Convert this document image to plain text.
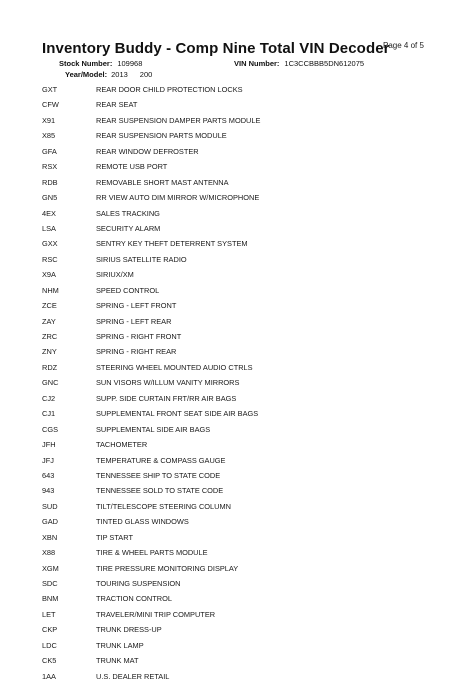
Inventory Buddy - Comp Nine Total VIN Decoder
Page 4 of 5
Stock Number: 109968	VIN Number: 1C3CCBBB5DN612075
Year/Model: 2013 200
GXT	REAR DOOR CHILD PROTECTION LOCKS
CFW	REAR SEAT
X91	REAR SUSPENSION DAMPER PARTS MODULE
X85	REAR SUSPENSION PARTS MODULE
GFA	REAR WINDOW DEFROSTER
RSX	REMOTE USB PORT
RDB	REMOVABLE SHORT MAST ANTENNA
GN5	RR VIEW AUTO DIM MIRROR W/MICROPHONE
4EX	SALES TRACKING
LSA	SECURITY ALARM
GXX	SENTRY KEY THEFT DETERRENT SYSTEM
RSC	SIRIUS SATELLITE RADIO
X9A	SIRIUX/XM
NHM	SPEED CONTROL
ZCE	SPRING - LEFT FRONT
ZAY	SPRING - LEFT REAR
ZRC	SPRING - RIGHT FRONT
ZNY	SPRING - RIGHT REAR
RDZ	STEERING WHEEL MOUNTED AUDIO CTRLS
GNC	SUN VISORS W/ILLUM VANITY MIRRORS
CJ2	SUPP. SIDE CURTAIN FRT/RR AIR BAGS
CJ1	SUPPLEMENTAL FRONT SEAT SIDE AIR BAGS
CGS	SUPPLEMENTAL SIDE AIR BAGS
JFH	TACHOMETER
JFJ	TEMPERATURE & COMPASS GAUGE
643	TENNESSEE SHIP TO STATE CODE
943	TENNESSEE SOLD TO STATE CODE
SUD	TILT/TELESCOPE STEERING COLUMN
GAD	TINTED GLASS WINDOWS
XBN	TIP START
X88	TIRE & WHEEL PARTS MODULE
XGM	TIRE PRESSURE MONITORING DISPLAY
SDC	TOURING SUSPENSION
BNM	TRACTION CONTROL
LET	TRAVELER/MINI TRIP COMPUTER
CKP	TRUNK DRESS-UP
LDC	TRUNK LAMP
CK5	TRUNK MAT
1AA	U.S. DEALER RETAIL
